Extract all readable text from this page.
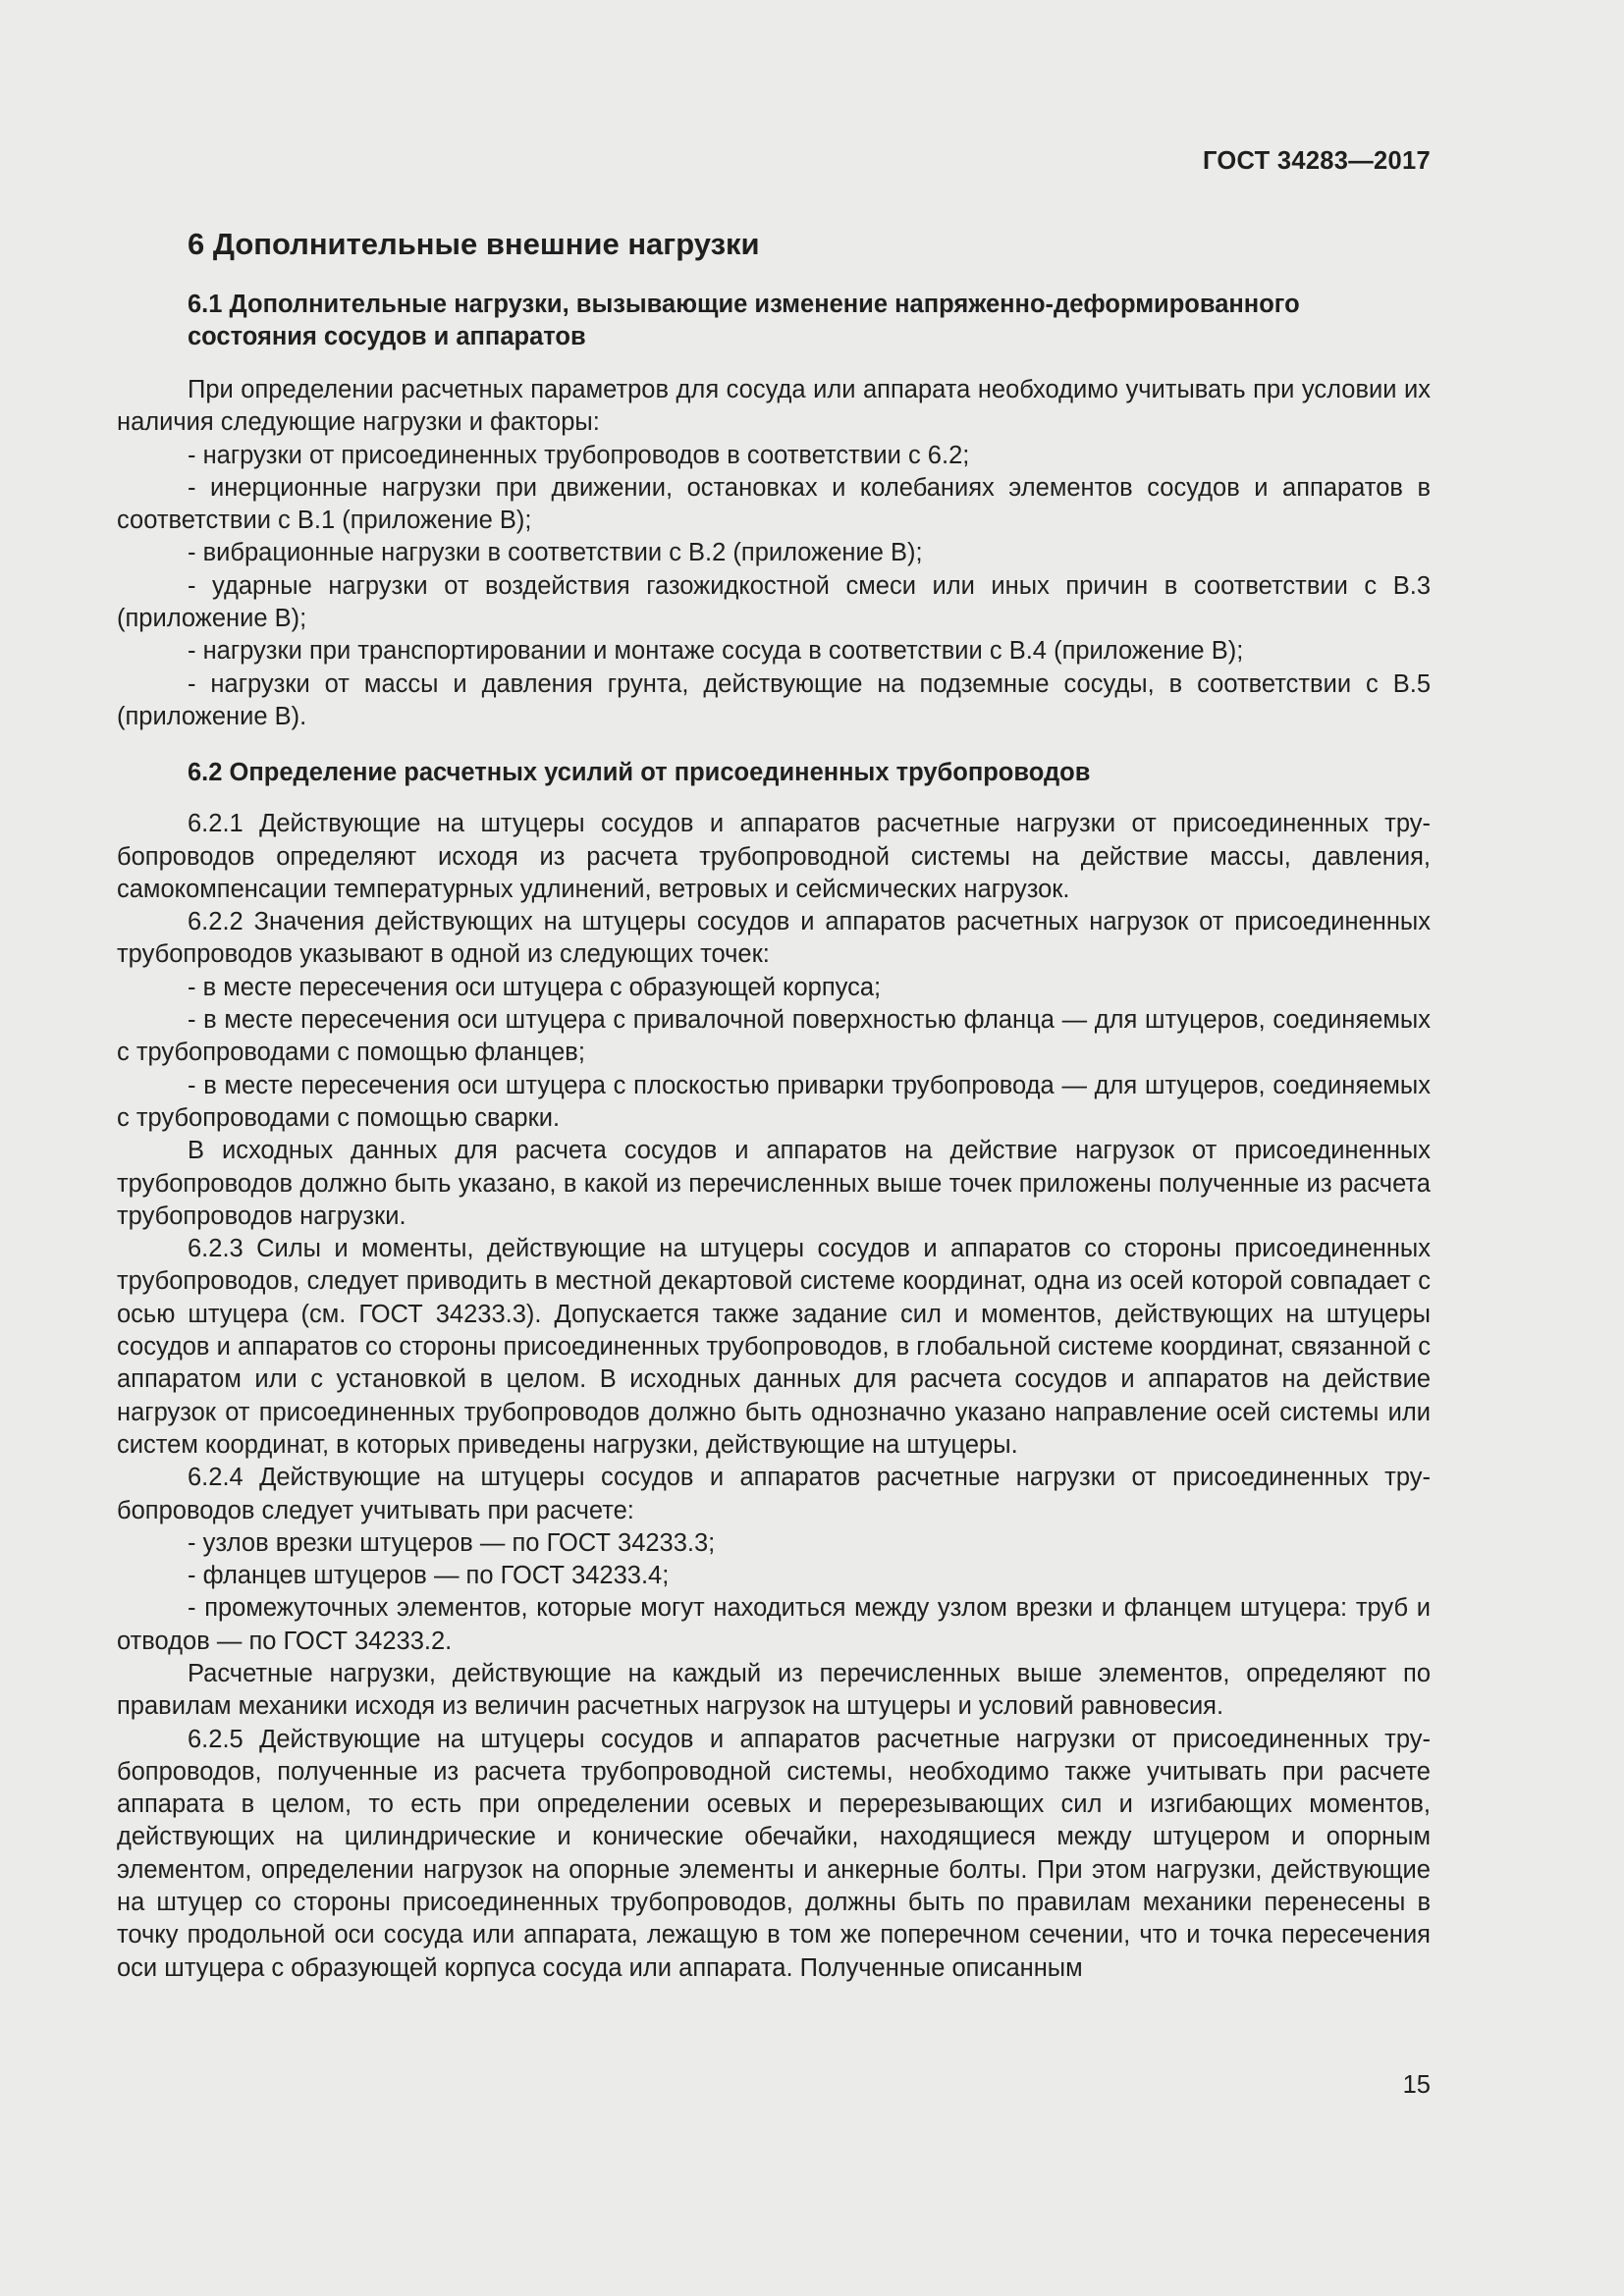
ГОСТ 34283—2017
6 Дополнительные внешние нагрузки
6.1 Дополнительные нагрузки, вызывающие изменение напряженно-деформированного состояния сосудов и аппаратов

При определении расчетных параметров для сосуда или аппарата необходимо учитывать при условии их наличия следующие нагрузки и факторы:

- нагрузки от присоединенных трубопроводов в соответствии с 6.2;

- инерционные нагрузки при движении, остановках и колебаниях элементов сосудов и аппаратов в соответствии с В.1 (приложение В);

- вибрационные нагрузки в соответствии с В.2 (приложение В);

- ударные нагрузки от воздействия газожидкостной смеси или иных причин в соответствии с В.3 (приложение В);

- нагрузки при транспортировании и монтаже сосуда в соответствии с В.4 (приложение В);

- нагрузки от массы и давления грунта, действующие на подземные сосуды, в соответствии с В.5 (приложение В).

6.2 Определение расчетных усилий от присоединенных трубопроводов

6.2.1 Действующие на штуцеры сосудов и аппаратов расчетные нагрузки от присоединенных трубопроводов определяют исходя из расчета трубопроводной системы на действие массы, давления, самокомпенсации температурных удлинений, ветровых и сейсмических нагрузок.

6.2.2 Значения действующих на штуцеры сосудов и аппаратов расчетных нагрузок от присоединенных трубопроводов указывают в одной из следующих точек:

- в месте пересечения оси штуцера с образующей корпуса;

- в месте пересечения оси штуцера с привалочной поверхностью фланца — для штуцеров, соединяемых с трубопроводами с помощью фланцев;

- в месте пересечения оси штуцера с плоскостью приварки трубопровода — для штуцеров, соединяемых с трубопроводами с помощью сварки.

В исходных данных для расчета сосудов и аппаратов на действие нагрузок от присоединенных трубопроводов должно быть указано, в какой из перечисленных выше точек приложены полученные из расчета трубопроводов нагрузки.

6.2.3 Силы и моменты, действующие на штуцеры сосудов и аппаратов со стороны присоединенных трубопроводов, следует приводить в местной декартовой системе координат, одна из осей которой совпадает с осью штуцера (см. ГОСТ 34233.3). Допускается также задание сил и моментов, действующих на штуцеры сосудов и аппаратов со стороны присоединенных трубопроводов, в глобальной системе координат, связанной с аппаратом или с установкой в целом. В исходных данных для расчета сосудов и аппаратов на действие нагрузок от присоединенных трубопроводов должно быть однозначно указано направление осей системы или систем координат, в которых приведены нагрузки, действующие на штуцеры.

6.2.4 Действующие на штуцеры сосудов и аппаратов расчетные нагрузки от присоединенных трубопроводов следует учитывать при расчете:

- узлов врезки штуцеров — по ГОСТ 34233.3;

- фланцев штуцеров — по ГОСТ 34233.4;

- промежуточных элементов, которые могут находиться между узлом врезки и фланцем штуцера: труб и отводов — по ГОСТ 34233.2.

Расчетные нагрузки, действующие на каждый из перечисленных выше элементов, определяют по правилам механики исходя из величин расчетных нагрузок на штуцеры и условий равновесия.

6.2.5 Действующие на штуцеры сосудов и аппаратов расчетные нагрузки от присоединенных трубопроводов, полученные из расчета трубопроводной системы, необходимо также учитывать при расчете аппарата в целом, то есть при определении осевых и перерезывающих сил и изгибающих моментов, действующих на цилиндрические и конические обечайки, находящиеся между штуцером и опорным элементом, определении нагрузок на опорные элементы и анкерные болты. При этом нагрузки, действующие на штуцер со стороны присоединенных трубопроводов, должны быть по правилам механики перенесены в точку продольной оси сосуда или аппарата, лежащую в том же поперечном сечении, что и точка пересечения оси штуцера с образующей корпуса сосуда или аппарата. Полученные описанным

15
